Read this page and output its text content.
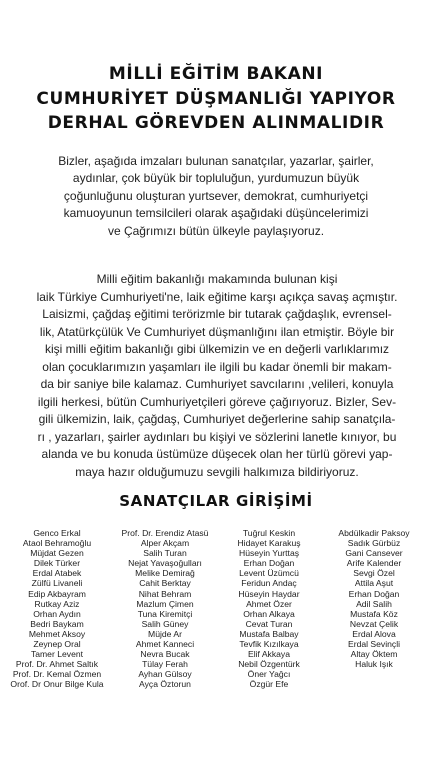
MİLLİ EĞİTİM BAKANI
CUMHURİYET DÜŞMANLIĞI YAPIYOR
DERHAL GÖREVDEN ALINMALIDIR
Bizler, aşağıda imzaları bulunan sanatçılar, yazarlar, şairler,
aydınlar, çok büyük bir topluluğun, yurdumuzun büyük
çoğunluğunu oluşturan yurtsever, demokrat, cumhuriyetçi
kamuoyunun temsilcileri olarak aşağıdaki düşüncelerimizi
ve Çağrımızı bütün ülkeyle paylaşıyoruz.
Milli eğitim bakanlığı makamında bulunan kişi
laik Türkiye Cumhuriyeti'ne, laik eğitime karşı açıkça savaş açmıştır.
Laisizmi, çağdaş eğitimi terörizmle bir tutarak çağdaşlık, evrensel-
lik, Atatürkçülük Ve Cumhuriyet düşmanlığını ilan etmiştir. Böyle bir
kişi milli eğitim bakanlığı gibi ülkemizin ve en değerli varlıklarımız
olan çocuklarımızın yaşamları ile ilgili bu kadar önemli bir makam-
da bir saniye bile kalamaz. Cumhuriyet savcılarını ,velileri, konuyla
ilgili herkesi, bütün Cumhuriyetçileri göreve çağırıyoruz. Bizler, Sev-
gili ülkemizin, laik, çağdaş, Cumhuriyet değerlerine sahip sanatçıla-
rı , yazarları, şairler aydınları bu kişiyi ve sözlerini lanetle kınıyor, bu
alanda ve bu konuda üstümüze düşecek olan her türlü görevi yap-
maya hazır olduğumuzu sevgili halkımıza bildiriyoruz.
SANATÇILAR GİRİŞİMİ
Genco Erkal
Ataol Behramoğlu
Müjdat Gezen
Dilek Türker
Erdal Atabek
Zülfü Livaneli
Edip Akbayram
Rutkay Aziz
Orhan Aydın
Bedri Baykam
Mehmet Aksoy
Zeynep Oral
Tamer Levent
Prof. Dr. Ahmet Saltık
Prof. Dr. Kemal Özmen
Orof. Dr Onur Bilge Kula
Prof. Dr. Erendiz Atasü
Alper Akçam
Salih Turan
Nejat Yavaşoğulları
Melike Demirağ
Cahit Berktay
Nihat Behram
Mazlum Çimen
Tuna Kiremitçi
Salih Güney
Müjde Ar
Ahmet Kanneci
Nevra Bucak
Tülay Ferah
Ayhan Gülsoy
Ayça Öztorun
Tuğrul Keskin
Hidayet Karakuş
Hüseyin Yurttaş
Erhan Doğan
Levent Üzümcü
Feridun Andaç
Hüseyin Haydar
Ahmet Özer
Orhan Alkaya
Cevat Turan
Mustafa Balbay
Tevfik Kızılkaya
Elif Akkaya
Nebil Özgentürk
Öner Yağcı
Özgür Efe
Abdülkadir Paksoy
Sadık Gürbüz
Gani Cansever
Arife Kalender
Sevgi Özel
Attila Aşut
Erhan Doğan
Adil Salih
Mustafa Köz
Nevzat Çelik
Erdal Alova
Erdal Sevinçli
Altay Öktem
Haluk Işık
